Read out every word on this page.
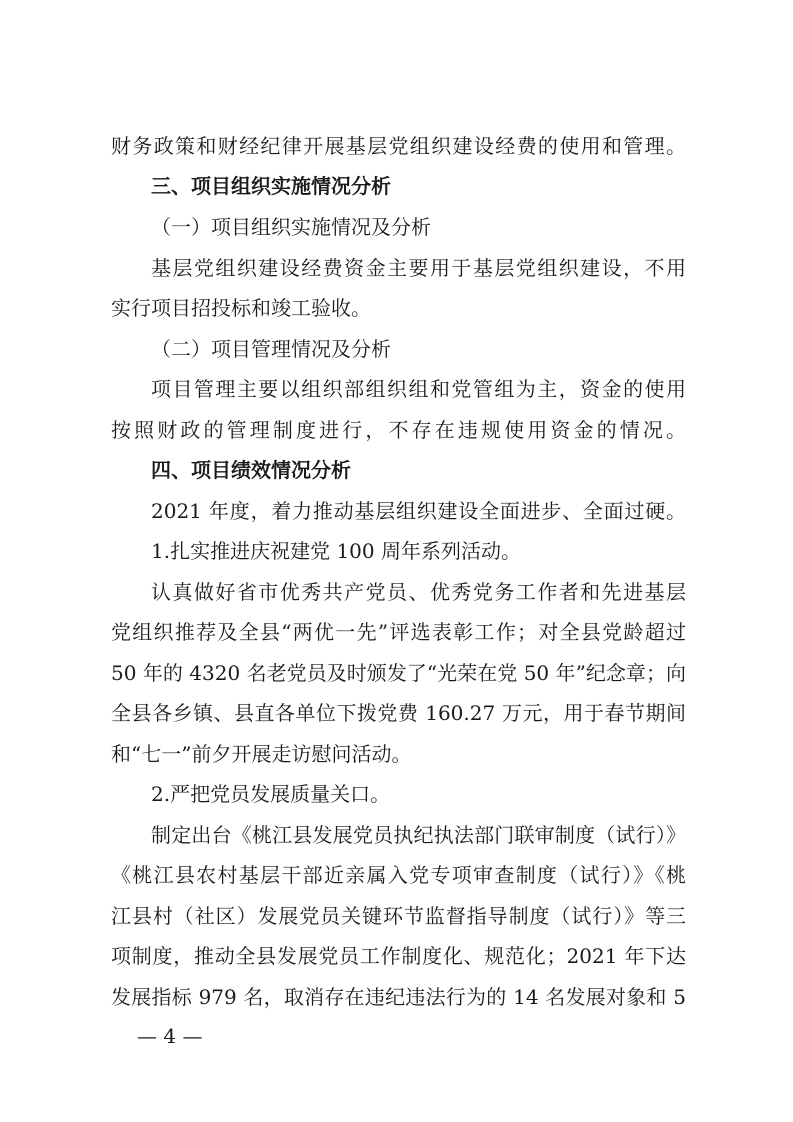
财务政策和财经纪律开展基层党组织建设经费的使用和管理。
三、项目组织实施情况分析
（一）项目组织实施情况及分析
基层党组织建设经费资金主要用于基层党组织建设，不用
实行项目招投标和竣工验收。
（二）项目管理情况及分析
项目管理主要以组织部组织组和党管组为主，资金的使用
按照财政的管理制度进行，不存在违规使用资金的情况。
四、项目绩效情况分析
2021 年度，着力推动基层组织建设全面进步、全面过硬。
1.扎实推进庆祝建党 100 周年系列活动。
认真做好省市优秀共产党员、优秀党务工作者和先进基层
党组织推荐及全县“两优一先”评选表彰工作；对全县党龄超过
50 年的 4320 名老党员及时颁发了“光荣在党 50 年”纪念章；向
全县各乡镇、县直各单位下拨党费 160.27 万元，用于春节期间
和“七一”前夕开展走访慰问活动。
2.严把党员发展质量关口。
制定出台《桃江县发展党员执纪执法部门联审制度（试行）》
《桃江县农村基层干部近亲属入党专项审查制度（试行）》《桃
江县村（社区）发展党员关键环节监督指导制度（试行）》等三
项制度，推动全县发展党员工作制度化、规范化；2021 年下达
发展指标 979 名，取消存在违纪违法行为的 14 名发展对象和 5
— 4 —
